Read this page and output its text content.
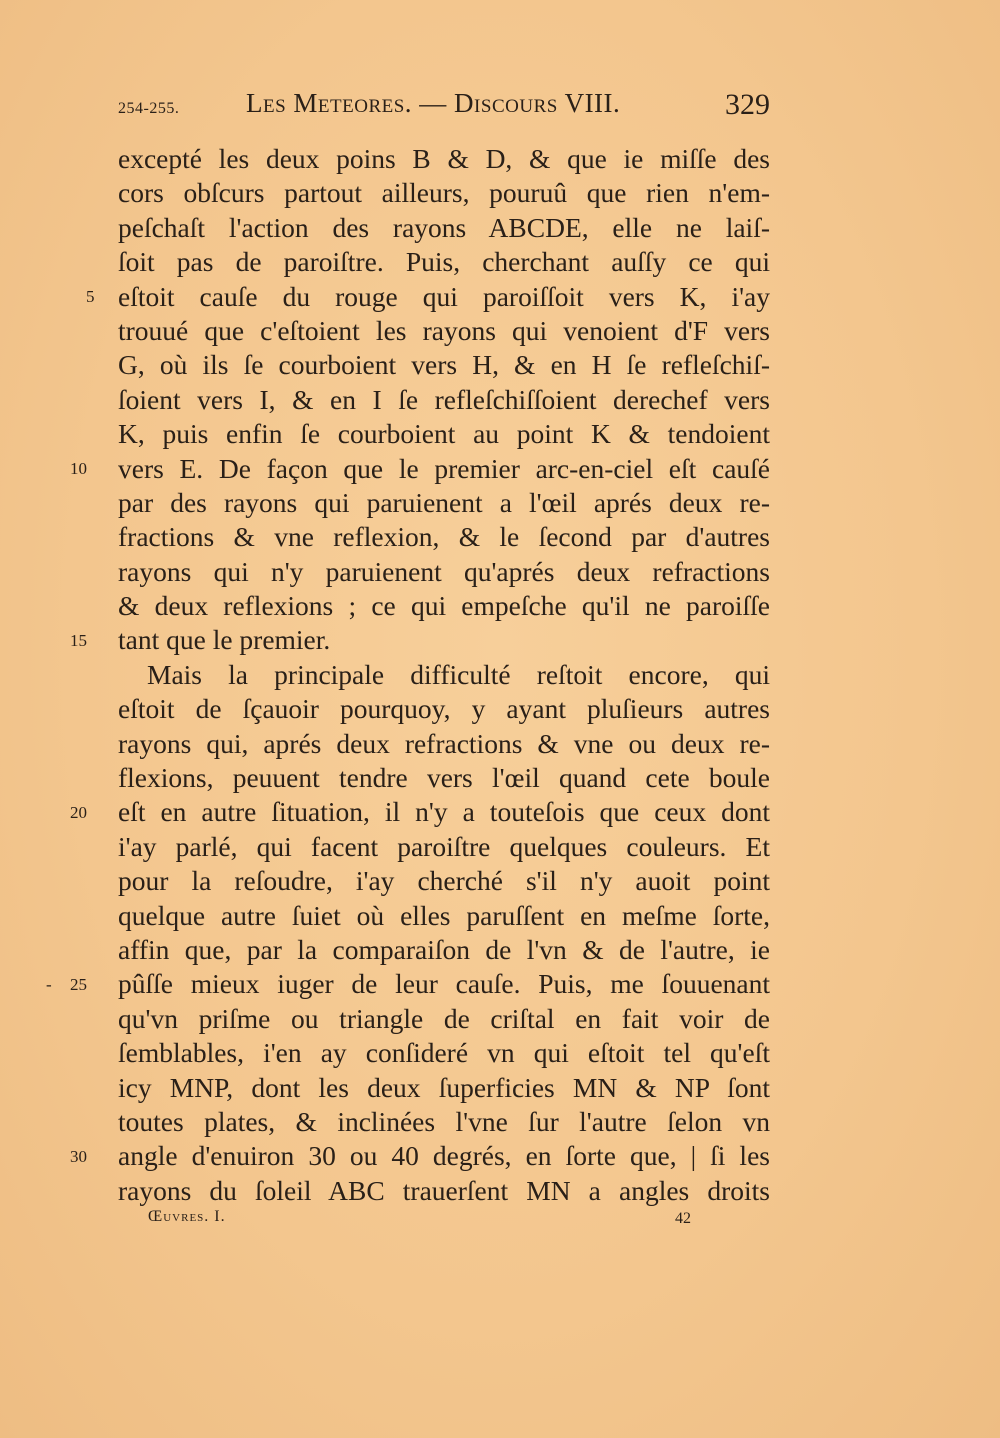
254-255. Les Meteores. — Discours VIII.	329
5
10
15
20
- 25
30
excepté les deux poins B & D, & que ie miſſe des
cors obſcurs partout ailleurs, pouruû que rien n'em-
peſchaſt l'action des rayons ABCDE, elle ne laiſ-
ſoit pas de paroiſtre. Puis, cherchant auſſy ce qui
eſtoit cauſe du rouge qui paroiſſoit vers K, i'ay
trouué que c'eſtoient les rayons qui venoient d'F vers
G, où ils ſe courboient vers H, & en H ſe refleſchiſ-
ſoient vers I, & en I ſe refleſchiſſoient derechef vers
K, puis enfin ſe courboient au point K & tendoient
vers E. De façon que le premier arc-en-ciel eſt cauſé
par des rayons qui paruienent a l'œil aprés deux re-
fractions & vne reflexion, & le ſecond par d'autres
rayons qui n'y paruienent qu'aprés deux refractions
& deux reflexions ; ce qui empeſche qu'il ne paroiſſe
tant que le premier.
Mais la principale difficulté reſtoit encore, qui
eſtoit de ſçauoir pourquoy, y ayant pluſieurs autres
rayons qui, aprés deux refractions & vne ou deux re-
flexions, peuuent tendre vers l'œil quand cete boule
eſt en autre ſituation, il n'y a touteſois que ceux dont
i'ay parlé, qui facent paroiſtre quelques couleurs. Et
pour la reſoudre, i'ay cherché s'il n'y auoit point
quelque autre ſuiet où elles paruſſent en meſme ſorte,
affin que, par la comparaiſon de l'vn & de l'autre, ie
pûſſe mieux iuger de leur cauſe. Puis, me ſouuenant
qu'vn priſme ou triangle de criſtal en fait voir de
ſemblables, i'en ay conſideré vn qui eſtoit tel qu'eſt
icy MNP, dont les deux ſuperficies MN & NP ſont
toutes plates, & inclinées l'vne ſur l'autre ſelon vn
angle d'enuiron 30 ou 40 degrés, en ſorte que, | ſi les
rayons du ſoleil ABC trauerſent MN a angles droits
Œuvres. I.	42
